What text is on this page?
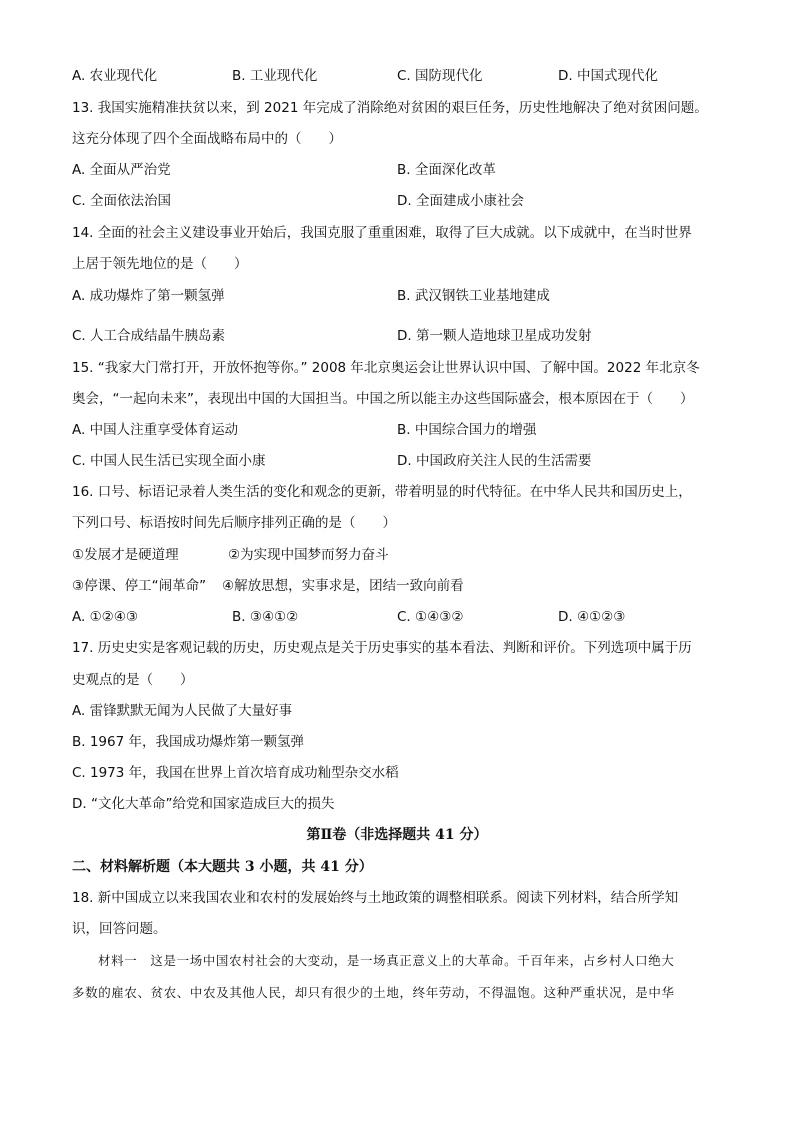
A. 农业现代化	B. 工业现代化	C. 国防现代化	D. 中国式现代化
13. 我国实施精准扶贫以来，到 2021 年完成了消除绝对贫困的艰巨任务，历史性地解决了绝对贫困问题。
这充分体现了四个全面战略布局中的（　　）
A. 全面从严治党	B. 全面深化改革
C. 全面依法治国	D. 全面建成小康社会
14. 全面的社会主义建设事业开始后，我国克服了重重困难，取得了巨大成就。以下成就中，在当时世界
上居于领先地位的是（　　）
A. 成功爆炸了第一颗氢弹	B. 武汉钢铁工业基地建成
C. 人工合成结晶牛胰岛素	D. 第一颗人造地球卫星成功发射
15. “我家大门常打开，开放怀抱等你。” 2008 年北京奥运会让世界认识中国、了解中国。2022 年北京冬
奥会，“一起向未来”，表现出中国的大国担当。中国之所以能主办这些国际盛会，根本原因在于（　　）
A. 中国人注重享受体育运动	B. 中国综合国力的增强
C. 中国人民生活已实现全面小康	D. 中国政府关注人民的生活需要
16. 口号、标语记录着人类生活的变化和观念的更新，带着明显的时代特征。在中华人民共和国历史上，
下列口号、标语按时间先后顺序排列正确的是（　　）
①发展才是硬道理	②为实现中国梦而努力奋斗
③停课、停工“闹革命” ④解放思想，实事求是，团结一致向前看
A. ①②④③	B. ③④①②	C. ①④③②	D. ④①②③
17. 历史史实是客观记载的历史，历史观点是关于历史事实的基本看法、判断和评价。下列选项中属于历
史观点的是（　　）
A. 雷锋默默无闻为人民做了大量好事
B. 1967 年，我国成功爆炸第一颗氢弹
C. 1973 年，我国在世界上首次培育成功籼型杂交水稻
D. “文化大革命”给党和国家造成巨大的损失
第Ⅱ卷（非选择题共 41 分）
二、材料解析题（本大题共 3 小题，共 41 分）
18. 新中国成立以来我国农业和农村的发展始终与土地政策的调整相联系。阅读下列材料，结合所学知
识，回答问题。
材料一　这是一场中国农村社会的大变动，是一场真正意义上的大革命。千百年来，占乡村人口绝大
多数的雇农、贫农、中农及其他人民，却只有很少的土地，终年劳动，不得温饱。这种严重状况，是中华
